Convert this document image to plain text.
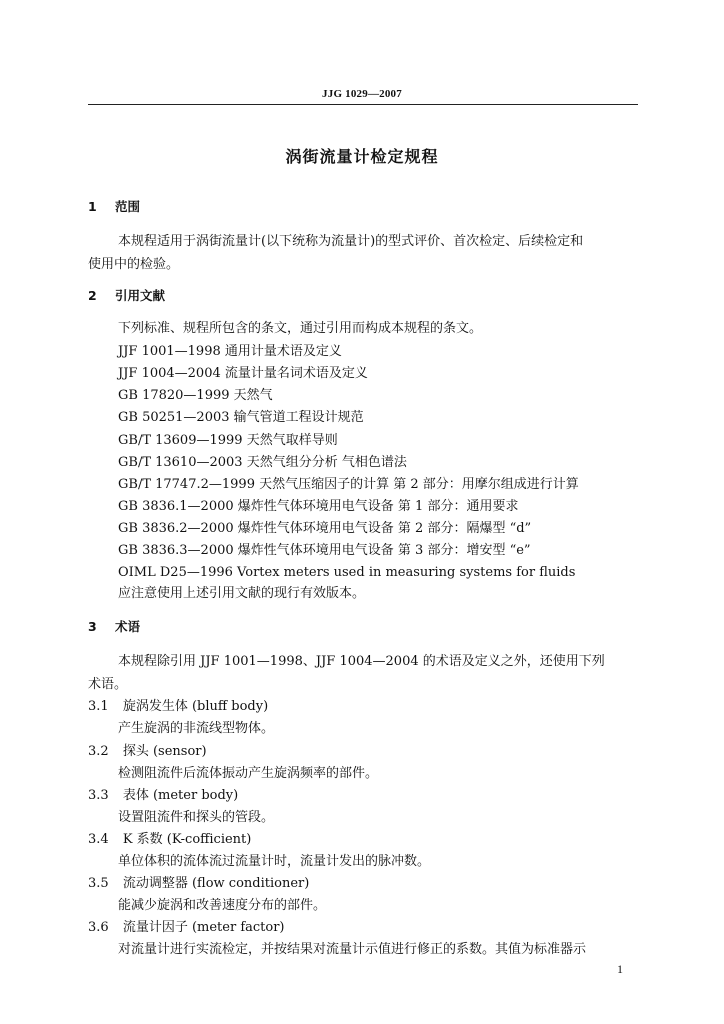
JJG 1029—2007
涡街流量计检定规程
1 范围
本规程适用于涡街流量计(以下统称为流量计)的型式评价、首次检定、后续检定和
使用中的检验。
2 引用文献
下列标准、规程所包含的条文，通过引用而构成本规程的条文。
JJF 1001—1998 通用计量术语及定义
JJF 1004—2004 流量计量名词术语及定义
GB 17820—1999 天然气
GB 50251—2003 输气管道工程设计规范
GB/T 13609—1999 天然气取样导则
GB/T 13610—2003 天然气组分分析 气相色谱法
GB/T 17747.2—1999 天然气压缩因子的计算 第 2 部分：用摩尔组成进行计算
GB 3836.1—2000 爆炸性气体环境用电气设备 第 1 部分：通用要求
GB 3836.2—2000 爆炸性气体环境用电气设备 第 2 部分：隔爆型 “d”
GB 3836.3—2000 爆炸性气体环境用电气设备 第 3 部分：增安型 “e”
OIML D25—1996 Vortex meters used in measuring systems for fluids
应注意使用上述引用文献的现行有效版本。
3 术语
本规程除引用 JJF 1001—1998、JJF 1004—2004 的术语及定义之外，还使用下列
术语。
3.1 旋涡发生体 (bluff body)
产生旋涡的非流线型物体。
3.2 探头 (sensor)
检测阻流件后流体振动产生旋涡频率的部件。
3.3 表体 (meter body)
设置阻流件和探头的管段。
3.4 K 系数 (K-cofficient)
单位体积的流体流过流量计时，流量计发出的脉冲数。
3.5 流动调整器 (flow conditioner)
能减少旋涡和改善速度分布的部件。
3.6 流量计因子 (meter factor)
对流量计进行实流检定，并按结果对流量计示值进行修正的系数。其值为标准器示
1
